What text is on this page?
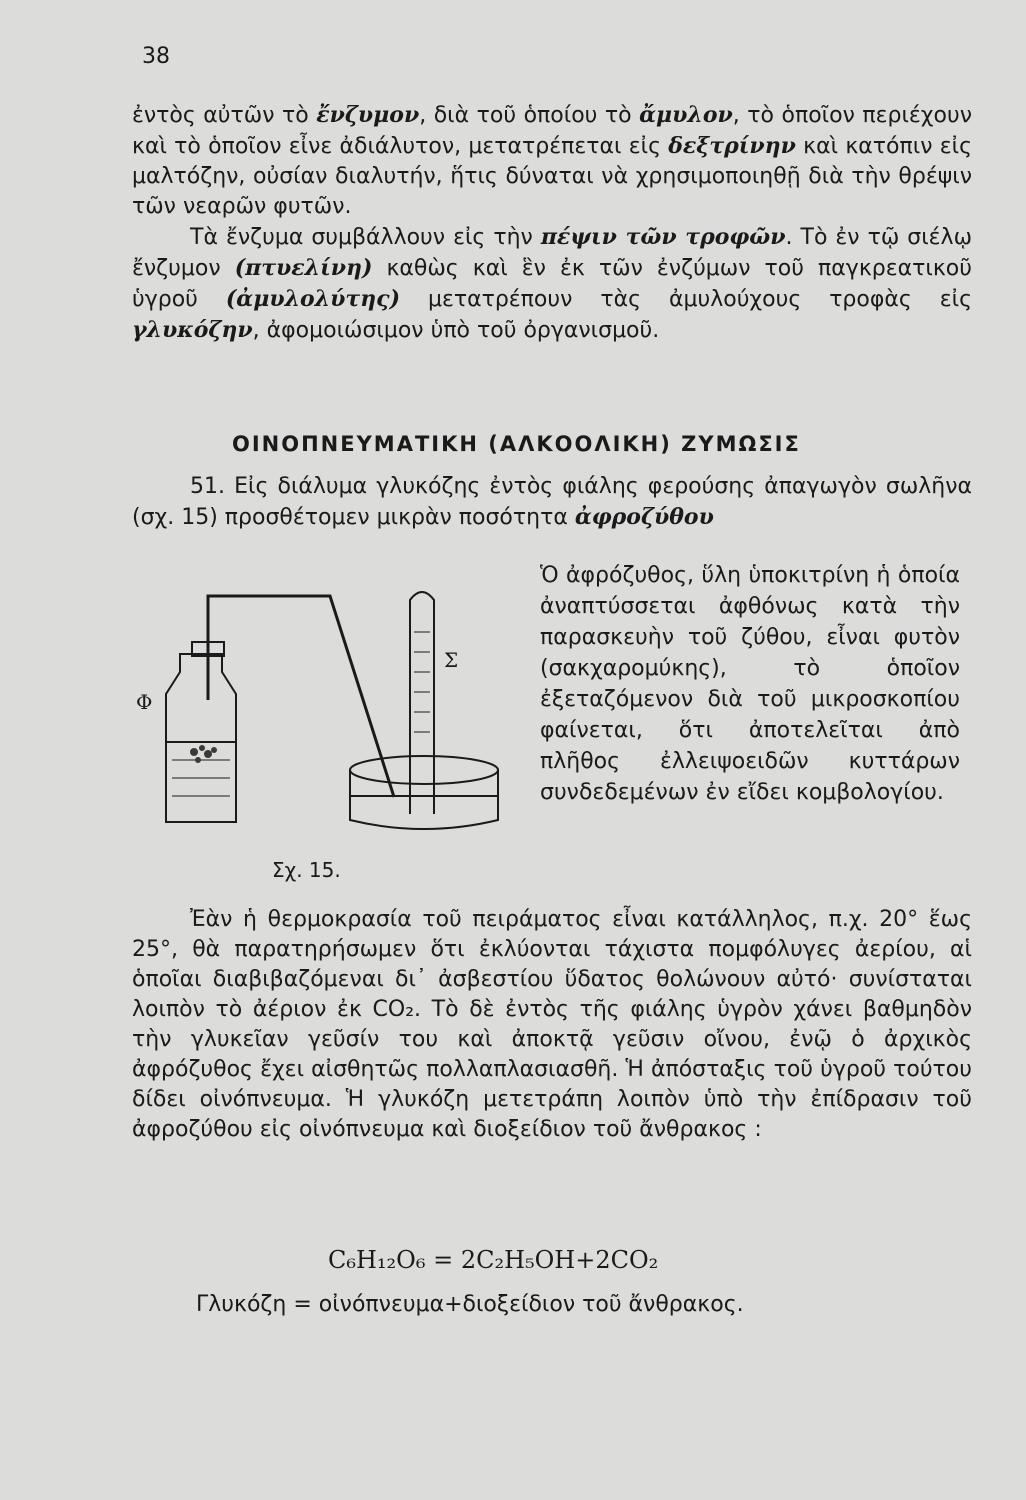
38

ἐντὸς αὐτῶν τὸ ἔνζυμον, διὰ τοῦ ὁποίου τὸ ἄμυλον, τὸ ὁποῖον περιέχουν καὶ τὸ ὁποῖον εἶνε ἀδιάλυτον, μετατρέπεται εἰς δεξτρίνην καὶ κατόπιν εἰς μαλτόζην, οὐσίαν διαλυτήν, ἥτις δύναται νὰ χρησιμοποιηθῇ διὰ τὴν θρέψιν τῶν νεαρῶν φυτῶν.

Τὰ ἔνζυμα συμβάλλουν εἰς τὴν πέψιν τῶν τροφῶν. Τὸ ἐν τῷ σιέλῳ ἔνζυμον (πτυελίνη) καθὼς καὶ ἓν ἐκ τῶν ἐνζύμων τοῦ παγκρεατικοῦ ὑγροῦ (ἀμυλολύτης) μετατρέπουν τὰς ἀμυλούχους τροφὰς εἰς γλυκόζην, ἀφομοιώσιμον ὑπὸ τοῦ ὀργανισμοῦ.

ΟΙΝΟΠΝΕΥΜΑΤΙΚΗ (ΑΛΚΟΟΛΙΚΗ) ΖΥΜΩΣΙΣ

51. Εἰς διάλυμα γλυκόζης ἐντὸς φιάλης φερούσης ἀπαγωγὸν σωλῆνα (σχ. 15) προσθέτομεν μικρὰν ποσότητα ἀφροζύθου

Ὁ ἀφρόζυθος, ὕλη ὑποκιτρίνη ἡ ὁποία ἀναπτύσσεται ἀφθόνως κατὰ τὴν παρασκευὴν τοῦ ζύθου, εἶναι φυτὸν (σακχαρομύκης), τὸ ὁποῖον ἐξεταζόμενον διὰ τοῦ μικροσκοπίου φαίνεται, ὅτι ἀποτελεῖται ἀπὸ πλῆθος ἐλλειψοειδῶν κυττάρων συνδεδεμένων ἐν εἴδει κομβολογίου.
Φ
Σ
Σχ. 15.

Ἐὰν ἡ θερμοκρασία τοῦ πειράματος εἶναι κατάλληλος, π.χ. 20° ἕως 25°, θὰ παρατηρήσωμεν ὅτι ἐκλύονται τάχιστα πομφόλυγες ἀερίου, αἱ ὁποῖαι διαβιβαζόμεναι δι᾿ ἀσβεστίου ὕδατος θολώνουν αὐτό· συνίσταται λοιπὸν τὸ ἀέριον ἐκ CO₂. Τὸ δὲ ἐντὸς τῆς φιάλης ὑγρὸν χάνει βαθμηδὸν τὴν γλυκεῖαν γεῦσίν του καὶ ἀποκτᾷ γεῦσιν οἴνου, ἐνῷ ὁ ἀρχικὸς ἀφρόζυθος ἔχει αἰσθητῶς πολλαπλασιασθῆ. Ἡ ἀπόσταξις τοῦ ὑγροῦ τούτου δίδει οἰνόπνευμα. Ἡ γλυκόζη μετετράπη λοιπὸν ὑπὸ τὴν ἐπίδρασιν τοῦ ἀφροζύθου εἰς οἰνόπνευμα καὶ διοξείδιον τοῦ ἄνθρακος :

C₆H₁₂O₆ = 2C₂H₅OH+2CO₂
Γλυκόζη = οἰνόπνευμα+διοξείδιον τοῦ ἄνθρακος.
